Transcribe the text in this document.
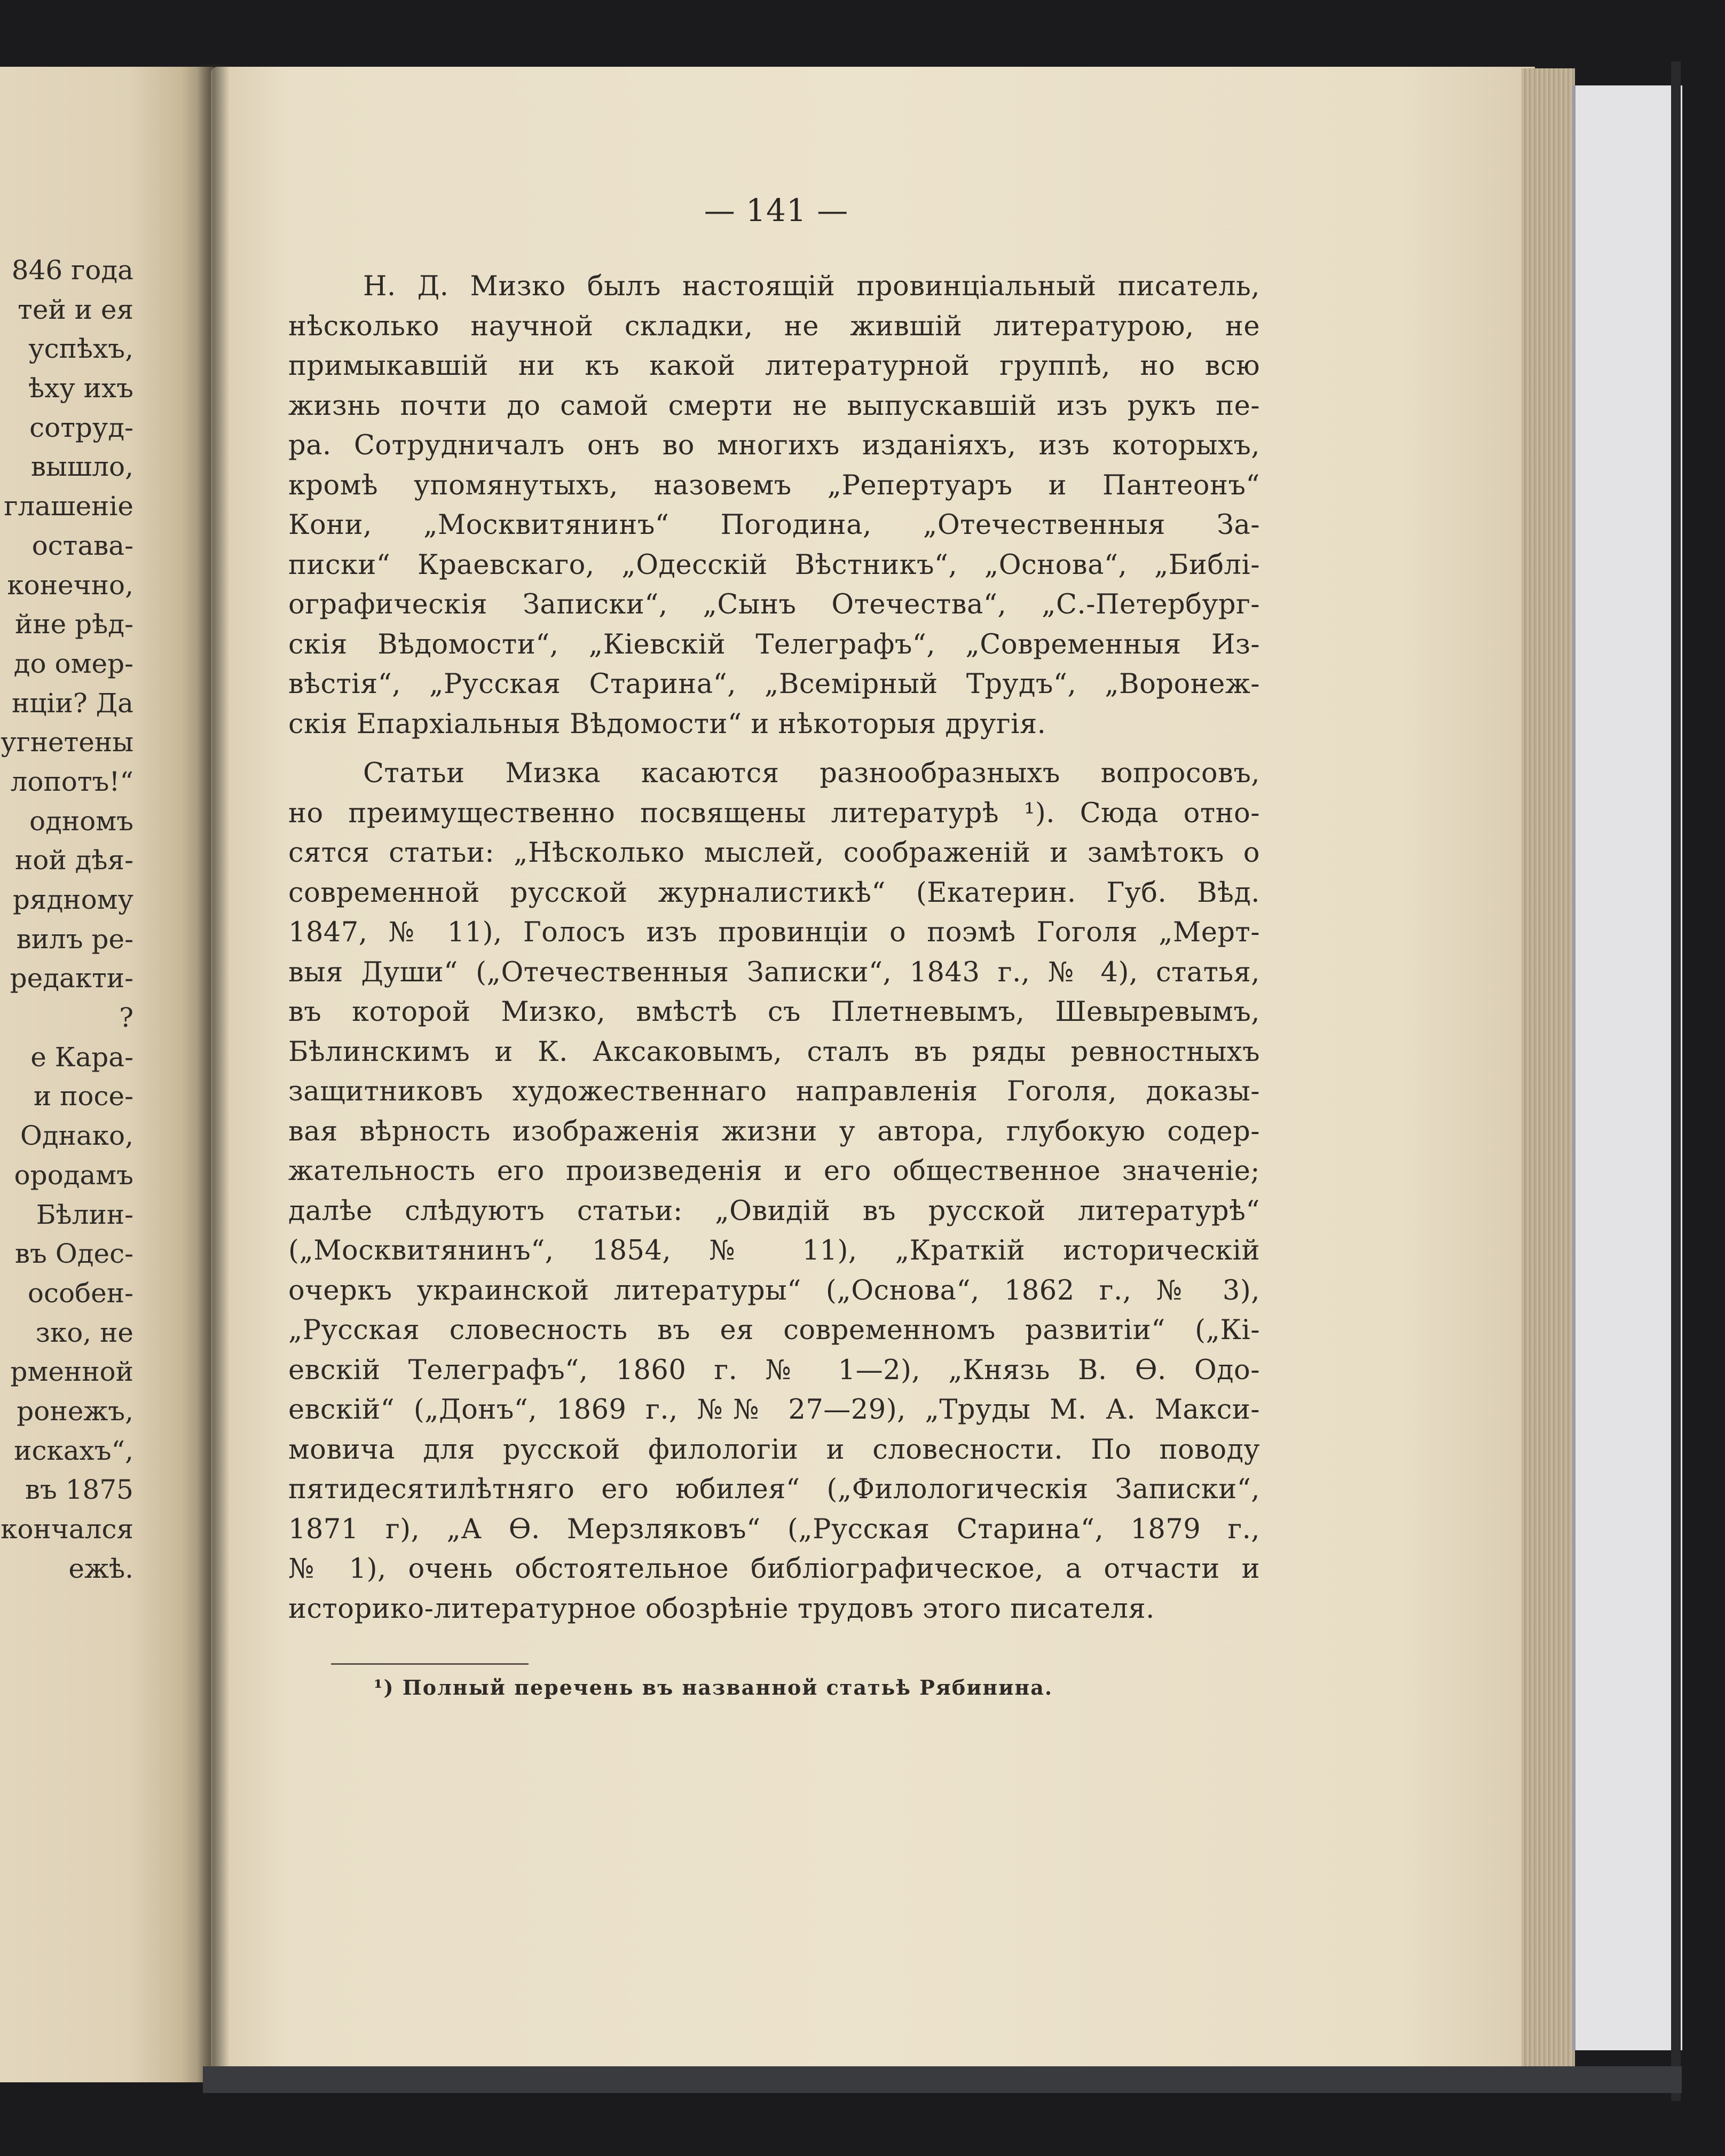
846 года
тей и ея
успѣхъ,
ѣху ихъ
сотруд-
вышло,
глашеніе
остава-
конечно,
йне рѣд-
до омер-
нціи? Да
угнетены
лопотъ!“
одномъ
ной дѣя-
рядному
вилъ ре-
редакти-
?
е Кара-
и посе-
Однако,
ородамъ
Бѣлин-
въ Одес-
особен-
зко, не
рменной
ронежъ,
искахъ“,
въ 1875
кончался
ежѣ.
— 141 —
Н. Д. Мизко былъ настоящій провинціальный писатель,
нѣсколько научной складки, не жившій литературою, не
примыкавшій ни къ какой литературной группѣ, но всю
жизнь почти до самой смерти не выпускавшій изъ рукъ пе-
ра. Сотрудничалъ онъ во многихъ изданіяхъ, изъ которыхъ,
кромѣ упомянутыхъ, назовемъ „Репертуаръ и Пантеонъ“
Кони, „Москвитянинъ“ Погодина, „Отечественныя За-
писки“ Краевскаго, „Одесскій Вѣстникъ“, „Основа“, „Библі-
ографическія Записки“, „Сынъ Отечества“, „С.-Петербург-
скія Вѣдомости“, „Кіевскій Телеграфъ“, „Современныя Из-
вѣстія“, „Русская Старина“, „Всемірный Трудъ“, „Воронеж-
скія Епархіальныя Вѣдомости“ и нѣкоторыя другія.
Статьи Мизка касаются разнообразныхъ вопросовъ,
но преимущественно посвящены литературѣ ¹). Сюда отно-
сятся статьи: „Нѣсколько мыслей, соображеній и замѣтокъ о
современной русской журналистикѣ“ (Екатерин. Губ. Вѣд.
1847, № 11), Голосъ изъ провинціи о поэмѣ Гоголя „Мерт-
выя Души“ („Отечественныя Записки“, 1843 г., № 4), статья,
въ которой Мизко, вмѣстѣ съ Плетневымъ, Шевыревымъ,
Бѣлинскимъ и К. Аксаковымъ, сталъ въ ряды ревностныхъ
защитниковъ художественнаго направленія Гоголя, доказы-
вая вѣрность изображенія жизни у автора, глубокую содер-
жательность его произведенія и его общественное значеніе;
далѣе слѣдуютъ статьи: „Овидій въ русской литературѣ“
(„Москвитянинъ“, 1854, № 11), „Краткій историческій
очеркъ украинской литературы“ („Основа“, 1862 г., № 3),
„Русская словесность въ ея современномъ развитіи“ („Кі-
евскій Телеграфъ“, 1860 г. № 1—2), „Князь В. Ѳ. Одо-
евскій“ („Донъ“, 1869 г., №№ 27—29), „Труды М. А. Макси-
мовича для русской филологіи и словесности. По поводу
пятидесятилѣтняго его юбилея“ („Филологическія Записки“,
1871 г), „А Ѳ. Мерзляковъ“ („Русская Старина“, 1879 г.,
№ 1), очень обстоятельное библіографическое, а отчасти и
историко-литературное обозрѣніе трудовъ этого писателя.
¹) Полный перечень въ названной статьѣ Рябинина.
